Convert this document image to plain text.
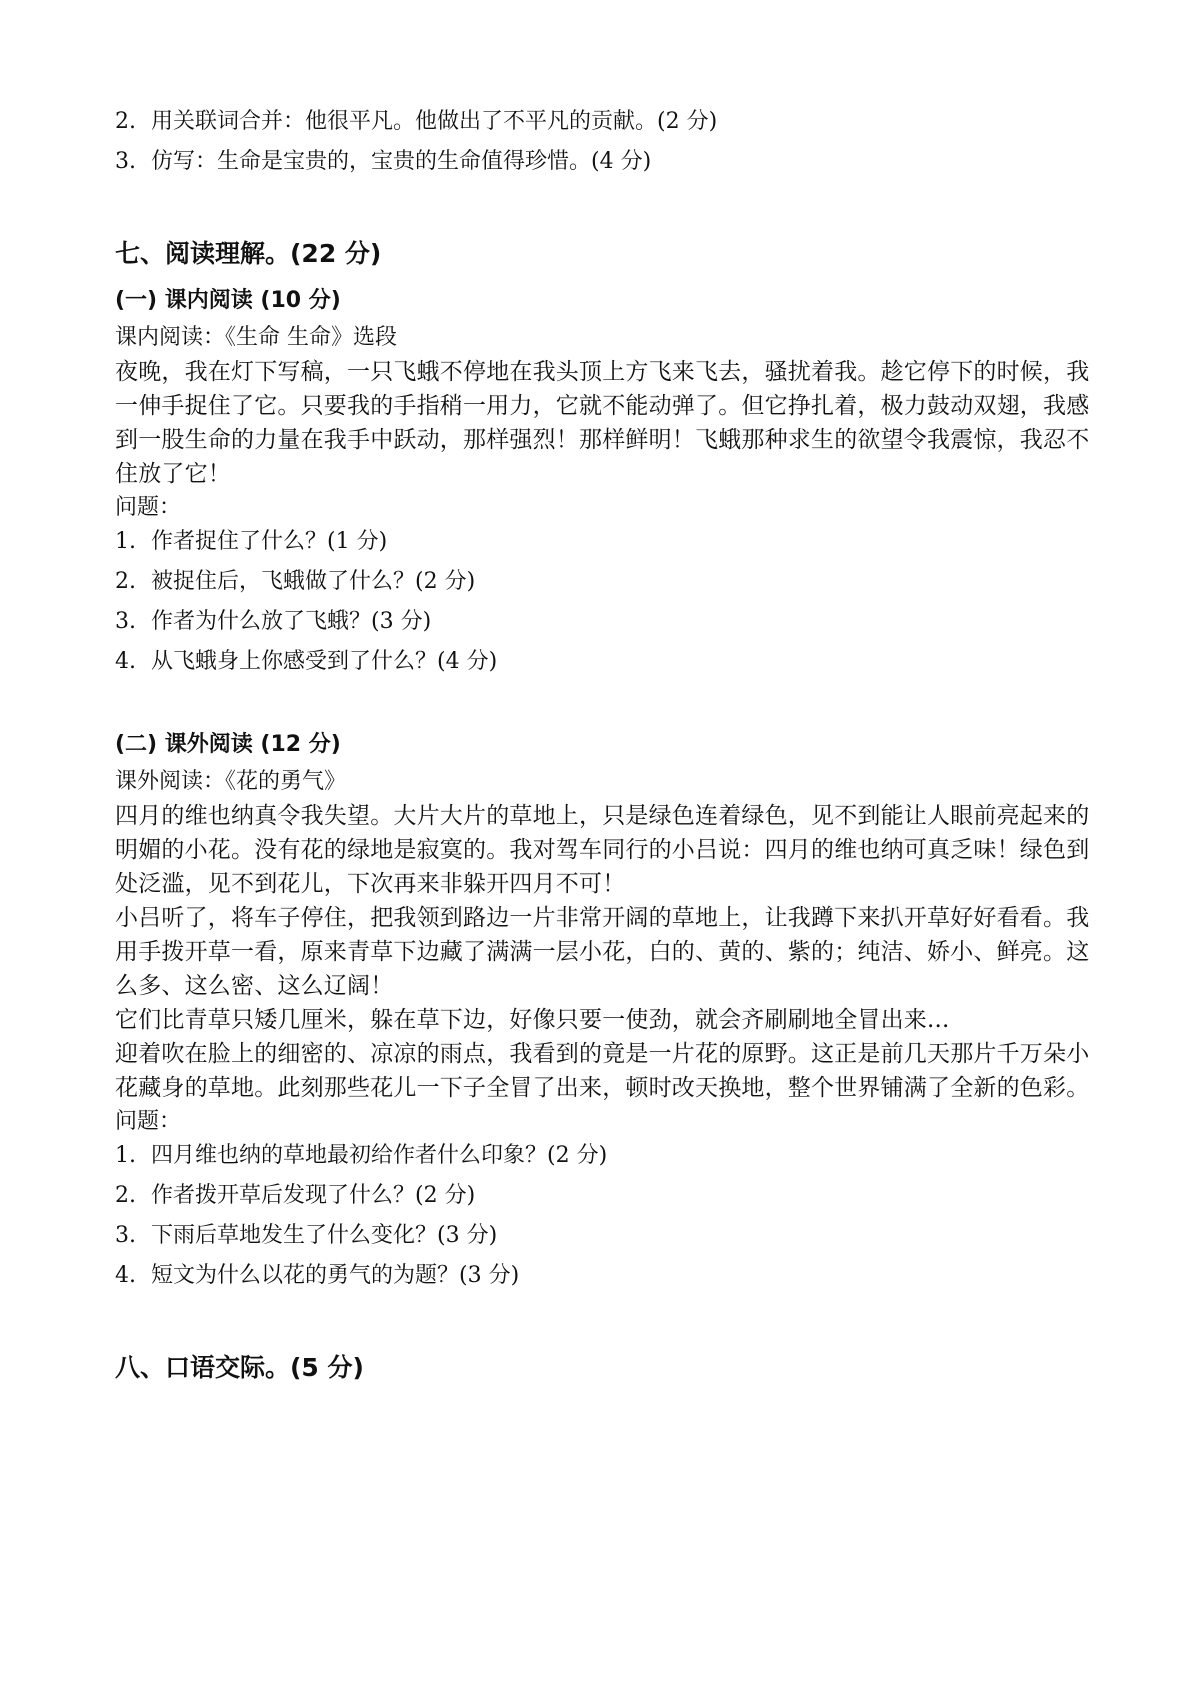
2. 用关联词合并：他很平凡。他做出了不平凡的贡献。(2 分)

3. 仿写：生命是宝贵的，宝贵的生命值得珍惜。(4 分)

七、阅读理解。(22 分)
(一) 课内阅读 (10 分)

课内阅读：《生命 生命》选段

夜晚，我在灯下写稿，一只飞蛾不停地在我头顶上方飞来飞去，骚扰着我。趁它停下的时候，我一伸手捉住了它。只要我的手指稍一用力，它就不能动弹了。但它挣扎着，极力鼓动双翅，我感到一股生命的力量在我手中跃动，那样强烈！那样鲜明！飞蛾那种求生的欲望令我震惊，我忍不住放了它！

问题：

1. 作者捉住了什么？(1 分)

2. 被捉住后，飞蛾做了什么？(2 分)

3. 作者为什么放了飞蛾？(3 分)

4. 从飞蛾身上你感受到了什么？(4 分)

(二) 课外阅读 (12 分)

课外阅读：《花的勇气》

四月的维也纳真令我失望。大片大片的草地上，只是绿色连着绿色，见不到能让人眼前亮起来的明媚的小花。没有花的绿地是寂寞的。我对驾车同行的小吕说：四月的维也纳可真乏味！绿色到处泛滥，见不到花儿，下次再来非躲开四月不可！

小吕听了，将车子停住，把我领到路边一片非常开阔的草地上，让我蹲下来扒开草好好看看。我用手拨开草一看，原来青草下边藏了满满一层小花，白的、黄的、紫的；纯洁、娇小、鲜亮。这么多、这么密、这么辽阔！

它们比青草只矮几厘米，躲在草下边，好像只要一使劲，就会齐刷刷地全冒出来...

迎着吹在脸上的细密的、凉凉的雨点，我看到的竟是一片花的原野。这正是前几天那片千万朵小花藏身的草地。此刻那些花儿一下子全冒了出来，顿时改天换地，整个世界铺满了全新的色彩。

问题：

1. 四月维也纳的草地最初给作者什么印象？(2 分)

2. 作者拨开草后发现了什么？(2 分)

3. 下雨后草地发生了什么变化？(3 分)

4. 短文为什么以花的勇气的为题？(3 分)

八、口语交际。(5 分)
